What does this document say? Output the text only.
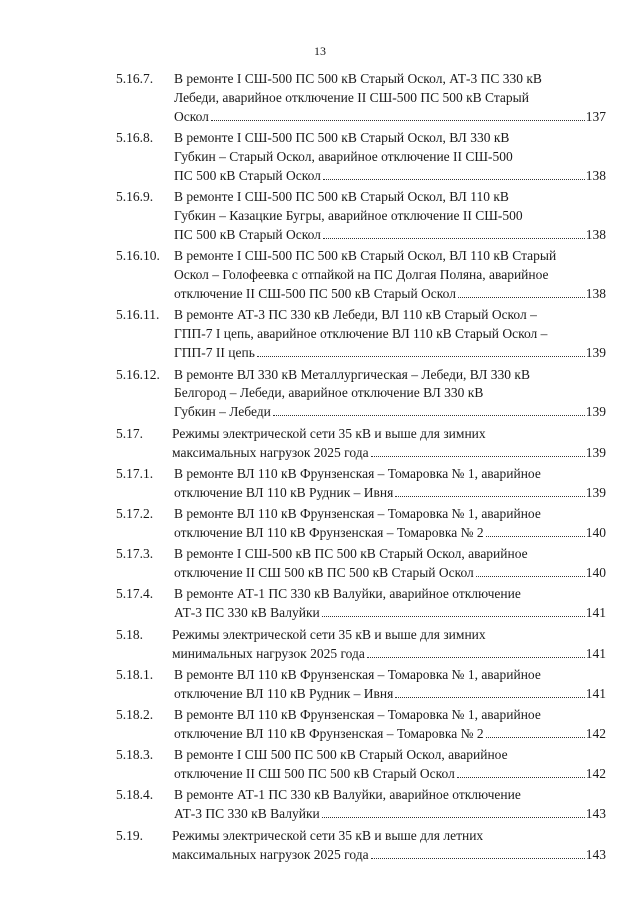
13
5.16.7. В ремонте I СШ-500 ПС 500 кВ Старый Оскол, АТ-3 ПС 330 кВ
Лебеди, аварийное отключение II СШ-500 ПС 500 кВ Старый
Оскол	137
5.16.8. В ремонте I СШ-500 ПС 500 кВ Старый Оскол, ВЛ 330 кВ
Губкин – Старый Оскол, аварийное отключение II СШ-500
ПС 500 кВ Старый Оскол	138
5.16.9. В ремонте I СШ-500 ПС 500 кВ Старый Оскол, ВЛ 110 кВ
Губкин – Казацкие Бугры, аварийное отключение II СШ-500
ПС 500 кВ Старый Оскол	138
5.16.10. В ремонте I СШ-500 ПС 500 кВ Старый Оскол, ВЛ 110 кВ Старый
Оскол – Голофеевка с отпайкой на ПС Долгая Поляна, аварийное
отключение II СШ-500 ПС 500 кВ Старый Оскол	138
5.16.11. В ремонте АТ-3 ПС 330 кВ Лебеди, ВЛ 110 кВ Старый Оскол –
ГПП-7 I цепь, аварийное отключение ВЛ 110 кВ Старый Оскол –
ГПП-7 II цепь	139
5.16.12. В ремонте ВЛ 330 кВ Металлургическая – Лебеди, ВЛ 330 кВ
Белгород – Лебеди, аварийное отключение ВЛ 330 кВ
Губкин – Лебеди	139
5.17. Режимы электрической сети 35 кВ и выше для зимних
максимальных нагрузок 2025 года	139
5.17.1. В ремонте ВЛ 110 кВ Фрунзенская – Томаровка № 1, аварийное
отключение ВЛ 110 кВ Рудник – Ивня	139
5.17.2. В ремонте ВЛ 110 кВ Фрунзенская – Томаровка № 1, аварийное
отключение ВЛ 110 кВ Фрунзенская – Томаровка № 2	140
5.17.3. В ремонте I СШ-500 кВ ПС 500 кВ Старый Оскол, аварийное
отключение II СШ 500 кВ ПС 500 кВ Старый Оскол	140
5.17.4. В ремонте АТ-1 ПС 330 кВ Валуйки, аварийное отключение
АТ-3 ПС 330 кВ Валуйки	141
5.18. Режимы электрической сети 35 кВ и выше для зимних
минимальных нагрузок 2025 года	141
5.18.1. В ремонте ВЛ 110 кВ Фрунзенская – Томаровка № 1, аварийное
отключение ВЛ 110 кВ Рудник – Ивня	141
5.18.2. В ремонте ВЛ 110 кВ Фрунзенская – Томаровка № 1, аварийное
отключение ВЛ 110 кВ Фрунзенская – Томаровка № 2	142
5.18.3. В ремонте I СШ 500 ПС 500 кВ Старый Оскол, аварийное
отключение II СШ 500 ПС 500 кВ Старый Оскол	142
5.18.4. В ремонте АТ-1 ПС 330 кВ Валуйки, аварийное отключение
АТ-3 ПС 330 кВ Валуйки	143
5.19. Режимы электрической сети 35 кВ и выше для летних
максимальных нагрузок 2025 года	143
